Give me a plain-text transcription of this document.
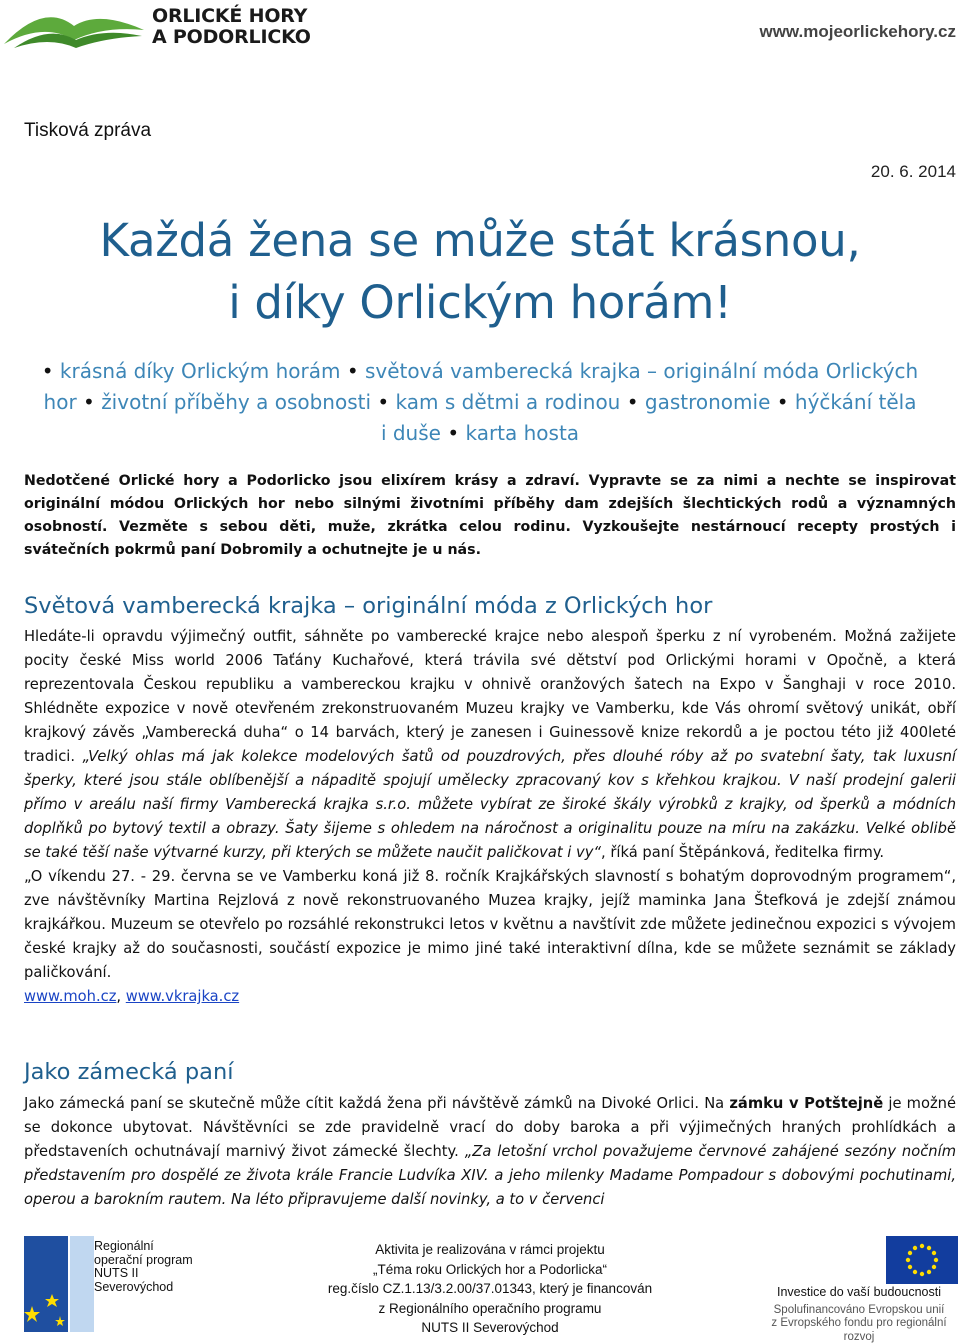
ORLICKÉ HORY
A PODORLICKO	www.mojeorlickehory.cz
Tisková zpráva
20. 6. 2014
Každá žena se může stát krásnou,
i díky Orlickým horám!
• krásná díky Orlickým horám • světová vamberecká krajka – originální móda Orlických hor • životní příběhy a osobnosti • kam s dětmi a rodinou • gastronomie • hýčkání těla i duše • karta hosta
Nedotčené Orlické hory a Podorlicko jsou elixírem krásy a zdraví. Vypravte se za nimi a nechte se inspirovat originální módou Orlických hor nebo silnými životními příběhy dam zdejších šlechtických rodů a významných osobností. Vezměte s sebou děti, muže, zkrátka celou rodinu. Vyzkoušejte nestárnoucí recepty prostých i svátečních pokrmů paní Dobromily a ochutnejte je u nás.
Světová vamberecká krajka – originální móda z Orlických hor

Hledáte-li opravdu výjimečný outfit, sáhněte po vamberecké krajce nebo alespoň šperku z ní vyrobeném. Možná zažijete pocity české Miss world 2006 Taťány Kuchařové, která trávila své dětství pod Orlickými horami v Opočně, a která reprezentovala Českou republiku a vambereckou krajku v ohnivě oranžových šatech na Expo v Šanghaji v roce 2010. Shlédněte expozice v nově otevřeném zrekonstruovaném Muzeu krajky ve Vamberku, kde Vás ohromí světový unikát, obří krajkový závěs „Vamberecká duha“ o 14 barvách, který je zanesen i Guinessově knize rekordů a je poctou této již 400leté tradici. „Velký ohlas má jak kolekce modelových šatů od pouzdrových, přes dlouhé róby až po svatební šaty, tak luxusní šperky, které jsou stále oblíbenější a nápaditě spojují umělecky zpracovaný kov s křehkou krajkou. V naší prodejní galerii přímo v areálu naší firmy Vamberecká krajka s.r.o. můžete vybírat ze široké škály výrobků z krajky, od šperků a módních doplňků po bytový textil a obrazy. Šaty šijeme s ohledem na náročnost a originalitu pouze na míru na zakázku. Velké oblibě se také těší naše výtvarné kurzy, při kterých se můžete naučit paličkovat i vy“, říká paní Štěpánková, ředitelka firmy.

„O víkendu 27. - 29. června se ve Vamberku koná již 8. ročník Krajkářských slavností s bohatým doprovodným programem“, zve návštěvníky Martina Rejzlová z nově rekonstruovaného Muzea krajky, jejíž maminka Jana Štefková je zdejší známou krajkářkou. Muzeum se otevřelo po rozsáhlé rekonstrukci letos v květnu a navštívit zde můžete jedinečnou expozici s vývojem české krajky až do současnosti, součástí expozice je mimo jiné také interaktivní dílna, kde se můžete seznámit se základy paličkování.

www.moh.cz, www.vkrajka.cz

Jako zámecká paní

Jako zámecká paní se skutečně může cítit každá žena při návštěvě zámků na Divoké Orlici. Na zámku v Potštejně je možné se dokonce ubytovat. Návštěvníci se zde pravidelně vrací do doby baroka a při výjimečných hraných prohlídkách a představeních ochutnávají marnivý život zámecké šlechty. „Za letošní vrchol považujeme červnové zahájené sezóny nočním představením pro dospělé ze života krále Francie Ludvíka XIV. a jeho milenky Madame Pompadour s dobovými pochutinami, operou a barokním rautem. Na léto připravujeme další novinky, a to v červenci

Regionální
operační program
NUTS II Severovýchod
Aktivita je realizována v rámci projektu
„Téma roku Orlických hor a Podorlicka“
reg.číslo CZ.1.13/3.2.00/37.01343, který je financován
z Regionálního operačního programu
NUTS II Severovýchod
Investice do vaší budoucnosti
Spolufinancováno Evropskou unií
z Evropského fondu pro regionální rozvoj
